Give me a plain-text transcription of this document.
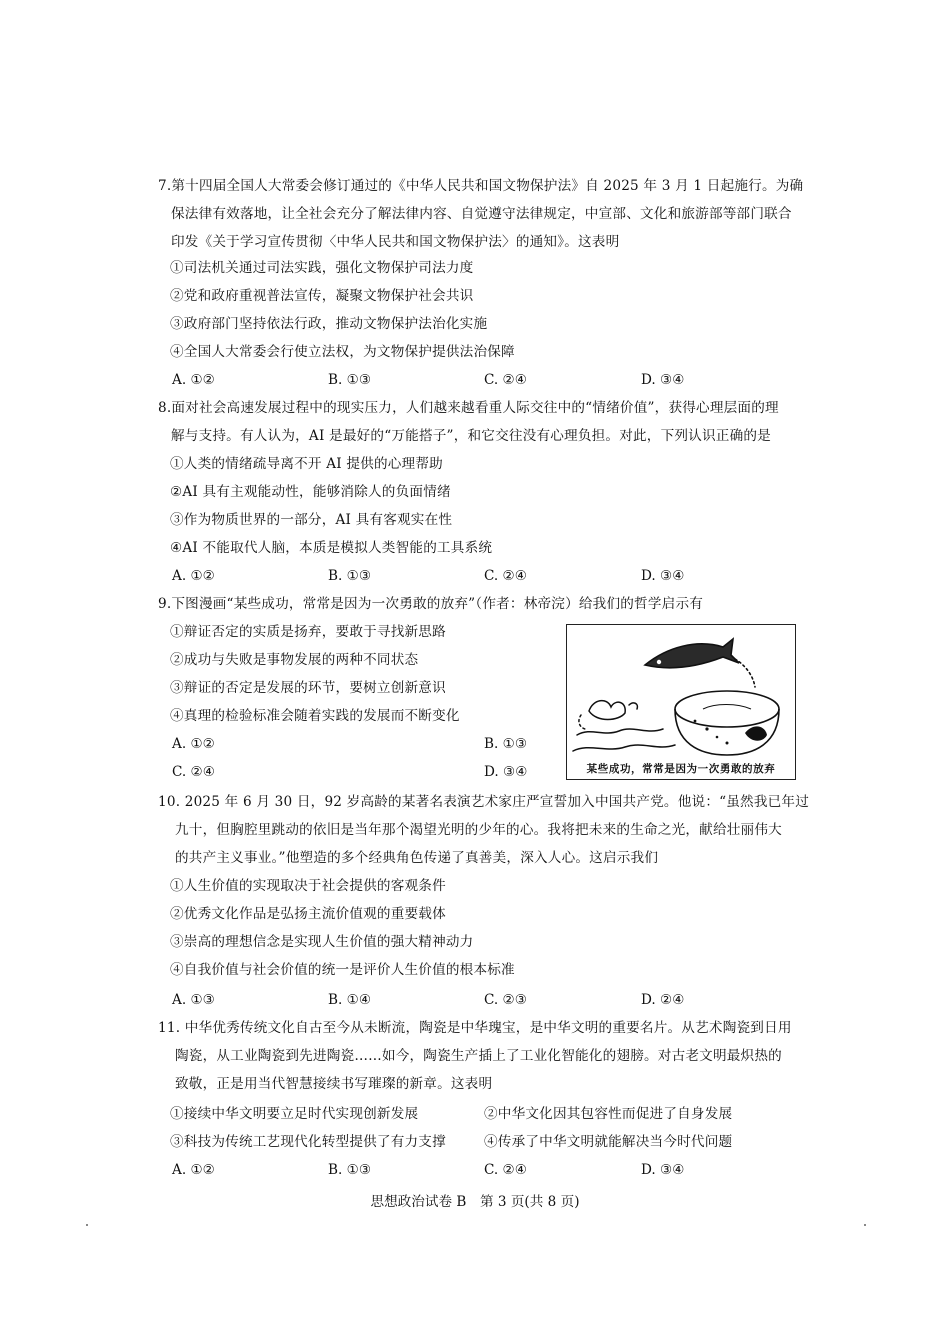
7.第十四届全国人大常委会修订通过的《中华人民共和国文物保护法》自 2025 年 3 月 1 日起施行。为确
保法律有效落地，让全社会充分了解法律内容、自觉遵守法律规定，中宣部、文化和旅游部等部门联合
印发《关于学习宣传贯彻〈中华人民共和国文物保护法〉的通知》。这表明
①司法机关通过司法实践，强化文物保护司法力度
②党和政府重视普法宣传，凝聚文物保护社会共识
③政府部门坚持依法行政，推动文物保护法治化实施
④全国人大常委会行使立法权，为文物保护提供法治保障
A. ①②	B. ①③	C. ②④	D. ③④
8.面对社会高速发展过程中的现实压力，人们越来越看重人际交往中的“情绪价值”，获得心理层面的理
解与支持。有人认为，AI 是最好的“万能搭子”，和它交往没有心理负担。对此，下列认识正确的是
①人类的情绪疏导离不开 AI 提供的心理帮助
②AI 具有主观能动性，能够消除人的负面情绪
③作为物质世界的一部分，AI 具有客观实在性
④AI 不能取代人脑，本质是模拟人类智能的工具系统
A. ①②	B. ①③	C. ②④	D. ③④
9.下图漫画“某些成功，常常是因为一次勇敢的放弃”（作者：林帝浣）给我们的哲学启示有
①辩证否定的实质是扬弃，要敢于寻找新思路
②成功与失败是事物发展的两种不同状态
③辩证的否定是发展的环节，要树立创新意识
④真理的检验标准会随着实践的发展而不断变化
A. ①②	B. ①③
C. ②④	D. ③④	某些成功，常常是因为一次勇敢的放弃
10. 2025 年 6 月 30 日，92 岁高龄的某著名表演艺术家庄严宣誓加入中国共产党。他说：“虽然我已年过
九十，但胸腔里跳动的依旧是当年那个渴望光明的少年的心。我将把未来的生命之光，献给壮丽伟大
的共产主义事业。”他塑造的多个经典角色传递了真善美，深入人心。这启示我们
①人生价值的实现取决于社会提供的客观条件
②优秀文化作品是弘扬主流价值观的重要载体
③崇高的理想信念是实现人生价值的强大精神动力
④自我价值与社会价值的统一是评价人生价值的根本标准
A. ①③	B. ①④	C. ②③	D. ②④
11. 中华优秀传统文化自古至今从未断流，陶瓷是中华瑰宝，是中华文明的重要名片。从艺术陶瓷到日用
陶瓷，从工业陶瓷到先进陶瓷……如今，陶瓷生产插上了工业化智能化的翅膀。对古老文明最炽热的
致敬，正是用当代智慧接续书写璀璨的新章。这表明
①接续中华文明要立足时代实现创新发展	②中华文化因其包容性而促进了自身发展
③科技为传统工艺现代化转型提供了有力支撑	④传承了中华文明就能解决当今时代问题
A. ①②	B. ①③	C. ②④	D. ③④
思想政治试卷 B　第 3 页(共 8 页)
